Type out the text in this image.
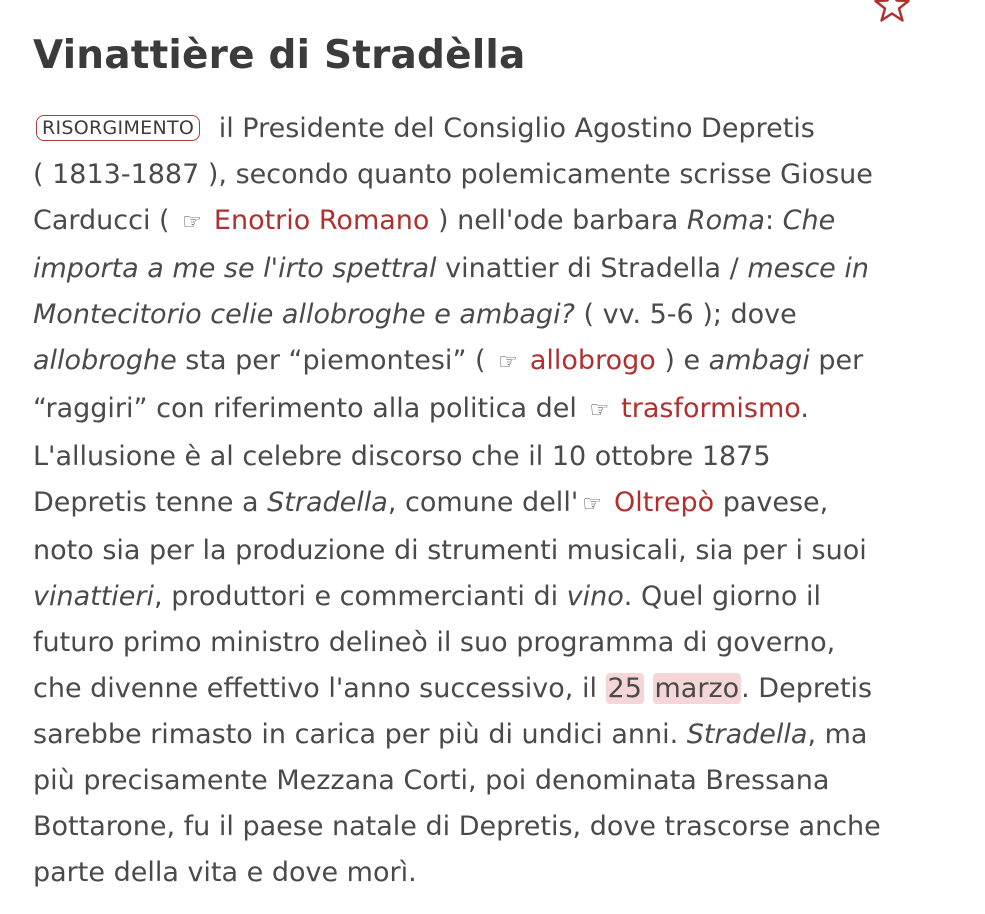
Vinattière di Stradèlla
RISORGIMENTO il Presidente del Consiglio Agostino Depretis
( 1813-1887 ), secondo quanto polemicamente scrisse Giosue
Carducci ( ☞ Enotrio Romano ) nell'ode barbara Roma: Che
importa a me se l'irto spettral vinattier di Stradella / mesce in
Montecitorio celie allobroghe e ambagi? ( vv. 5-6 ); dove
allobroghe sta per “piemontesi” ( ☞ allobrogo ) e ambagi per
“raggiri” con riferimento alla politica del ☞ trasformismo.
L'allusione è al celebre discorso che il 10 ottobre 1875
Depretis tenne a Stradella, comune dell' ☞ Oltrepò pavese,
noto sia per la produzione di strumenti musicali, sia per i suoi
vinattieri, produttori e commercianti di vino. Quel giorno il
futuro primo ministro delineò il suo programma di governo,
che divenne effettivo l'anno successivo, il 25 marzo. Depretis
sarebbe rimasto in carica per più di undici anni. Stradella, ma
più precisamente Mezzana Corti, poi denominata Bressana
Bottarone, fu il paese natale di Depretis, dove trascorse anche
parte della vita e dove morì.
